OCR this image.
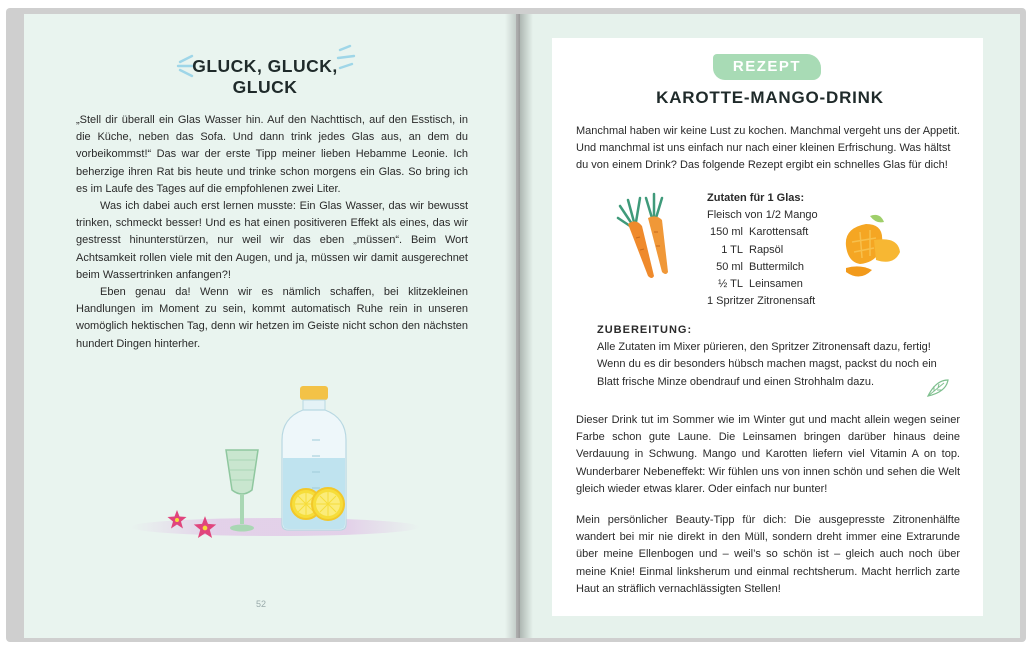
GLUCK, GLUCK,
GLUCK

„Stell dir überall ein Glas Wasser hin. Auf den Nachttisch, auf den Esstisch, in die Küche, neben das Sofa. Und dann trink jedes Glas aus, an dem du vorbeikommst!“ Das war der erste Tipp meiner lieben Hebamme Leonie. Ich beherzige ihren Rat bis heute und trinke schon morgens ein Glas. So bring ich es im Laufe des Tages auf die empfohlenen zwei Liter.

Was ich dabei auch erst lernen musste: Ein Glas Wasser, das wir bewusst trinken, schmeckt besser! Und es hat einen positiveren Effekt als eines, das wir gestresst hinunterstürzen, nur weil wir das eben „müssen“. Beim Wort Achtsamkeit rollen viele mit den Augen, und ja, müssen wir damit ausgerechnet beim Wassertrinken anfangen?!

Eben genau da! Wenn wir es nämlich schaffen, bei klitzekleinen Handlungen im Moment zu sein, kommt automatisch Ruhe rein in unseren womöglich hektischen Tag, denn wir hetzen im Geiste nicht schon den nächsten hundert Dingen hinterher.

52
REZEPT
KAROTTE-MANGO-DRINK
Manchmal haben wir keine Lust zu kochen. Manchmal vergeht uns der Appetit. Und manchmal ist uns einfach nur nach einer kleinen Erfrischung. Was hältst du von einem Drink? Das folgende Rezept ergibt ein schnelles Glas für dich!
Zutaten für 1 Glas:
Fleisch von 1/2 Mango
150 ml Karottensaft
1 TL Rapsöl
50 ml Buttermilch
½ TL Leinsamen
1 Spritzer Zitronensaft
ZUBEREITUNG:
Alle Zutaten im Mixer pürieren, den Spritzer Zitronensaft dazu, fertig! Wenn du es dir besonders hübsch machen magst, packst du noch ein Blatt frische Minze obendrauf und einen Strohhalm dazu.
Dieser Drink tut im Sommer wie im Winter gut und macht allein wegen seiner Farbe schon gute Laune. Die Leinsamen bringen darüber hinaus deine Verdauung in Schwung. Mango und Karotten liefern viel Vitamin A on top. Wunderbarer Nebeneffekt: Wir fühlen uns von innen schön und sehen die Welt gleich wieder etwas klarer. Oder einfach nur bunter!
Mein persönlicher Beauty-Tipp für dich: Die ausgepresste Zitronenhälfte wandert bei mir nie direkt in den Müll, sondern dreht immer eine Extrarunde über meine Ellenbogen und – weil’s so schön ist – gleich auch noch über meine Knie! Einmal linksherum und einmal rechtsherum. Macht herrlich zarte Haut an sträflich vernachlässigten Stellen!
